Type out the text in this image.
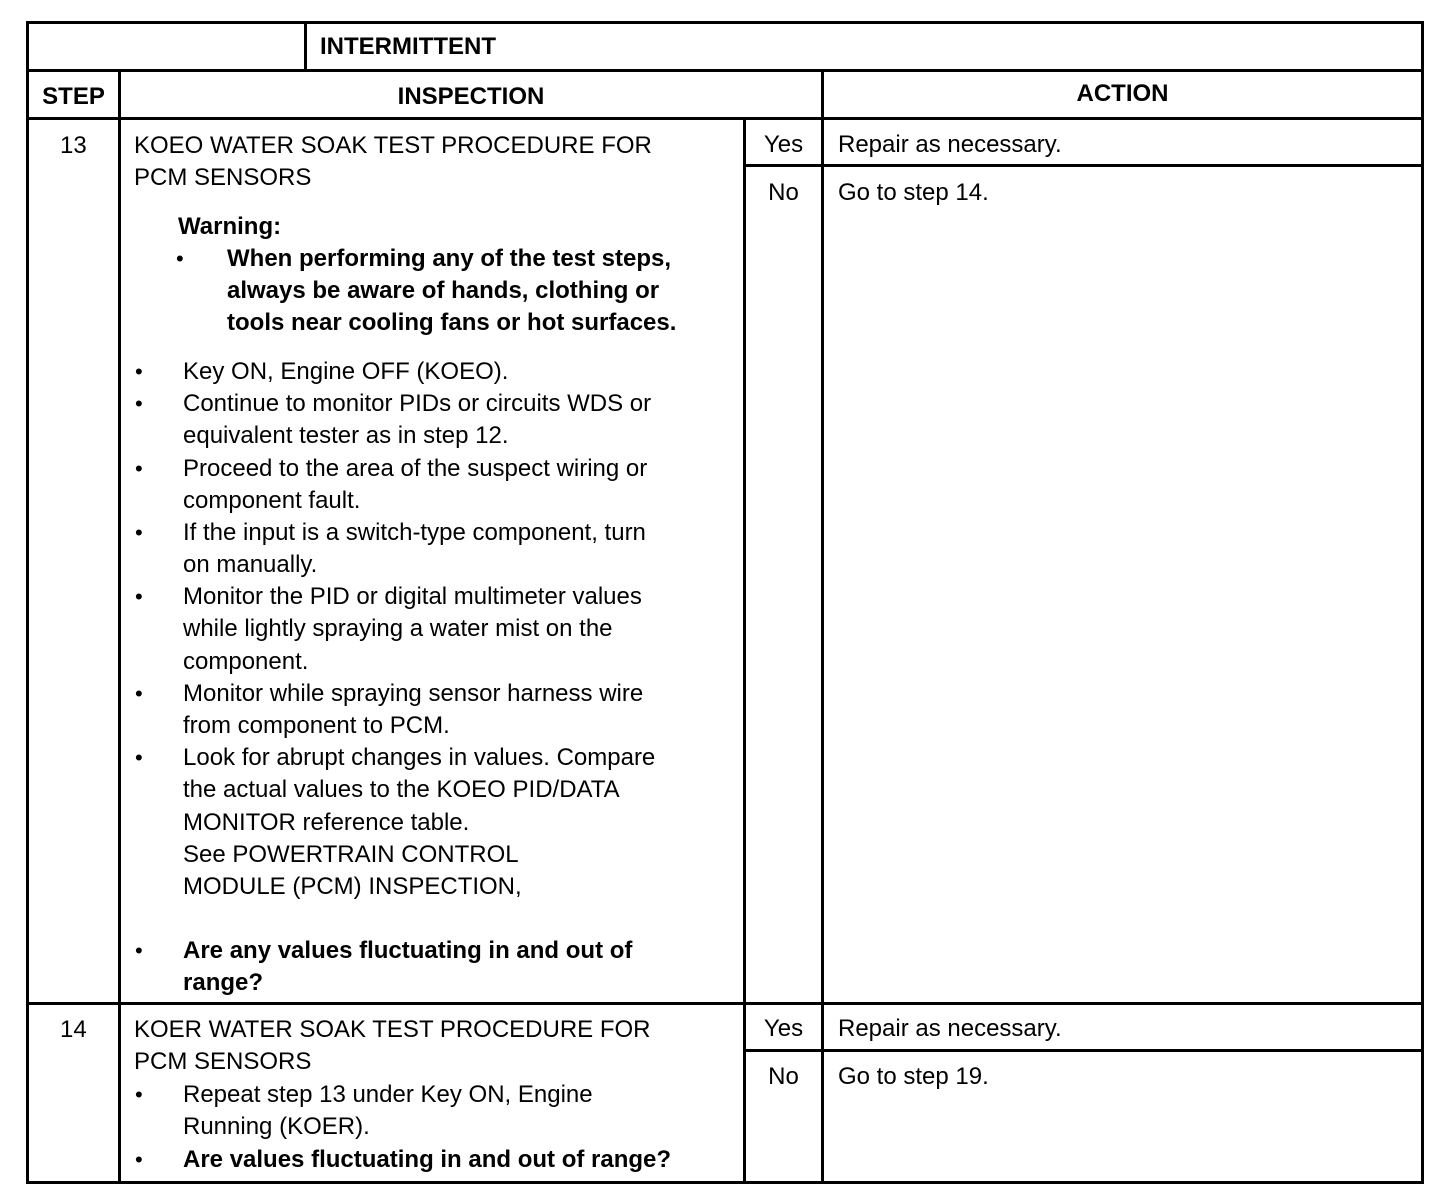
INTERMITTENT
STEP	INSPECTION	ACTION
13 KOEO WATER SOAK TEST PROCEDURE FOR
PCM SENSORS
Warning:
• When performing any of the test steps,
always be aware of hands, clothing or
tools near cooling fans or hot surfaces.
•
•
•
•
•
•
•
•
Key ON, Engine OFF (KOEO).
Continue to monitor PIDs or circuits WDS or
equivalent tester as in step 12.
Proceed to the area of the suspect wiring or
component fault.
If the input is a switch-type component, turn
on manually.
Monitor the PID or digital multimeter values
while lightly spraying a water mist on the
component.
Monitor while spraying sensor harness wire
from component to PCM.
Look for abrupt changes in values. Compare
the actual values to the KOEO PID/DATA
MONITOR reference table.
See POWERTRAIN CONTROL
MODULE (PCM) INSPECTION,
Are any values fluctuating in and out of
range?
Yes	Repair as necessary.
No	Go to step 14.
14 KOER WATER SOAK TEST PROCEDURE FOR
PCM SENSORS
• Repeat step 13 under Key ON, Engine
Running (KOER).
• Are values fluctuating in and out of range?
Yes	Repair as necessary.
No	Go to step 19.
